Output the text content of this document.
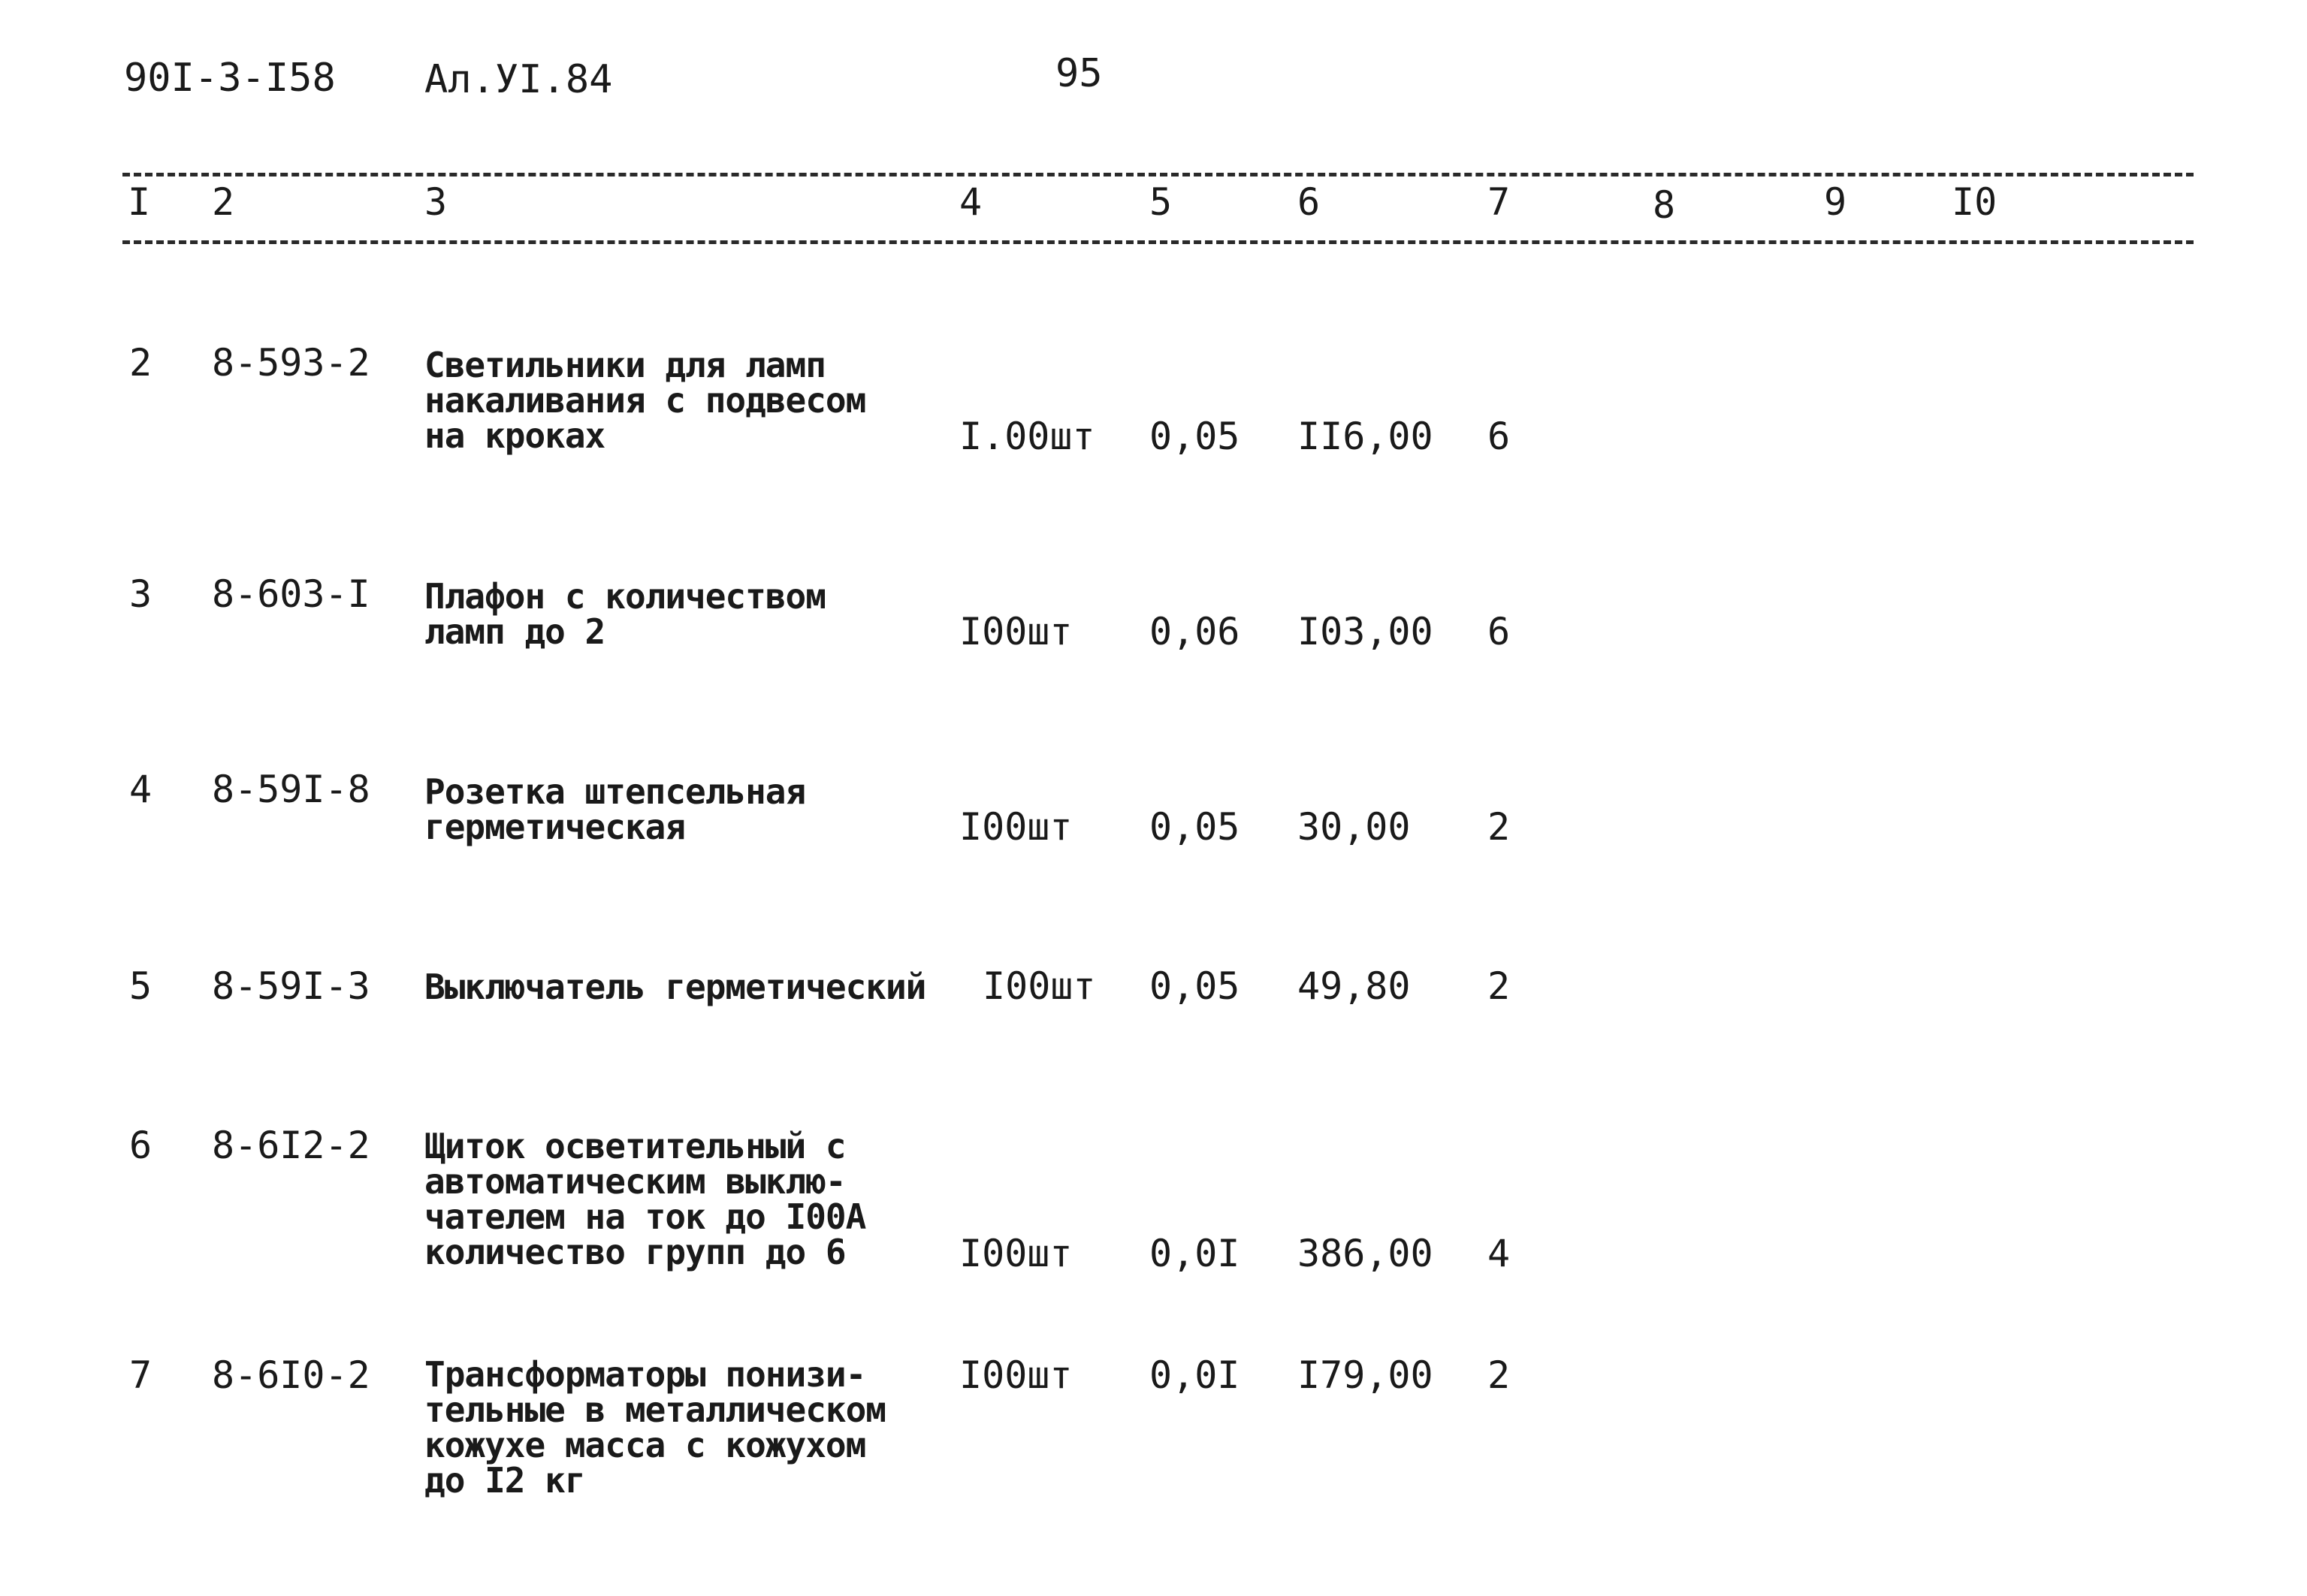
90I-3-I58 Ал.УI.84	95
I 2	3	4	5	6	7	8	9	I0
2 8-593-2 Светильники для ламп
накаливания с подвесом
на кроках	I.00шт 0,05 II6,00 6
3 8-603-I Плафон с количеством
ламп до 2	I00шт 0,06 I03,00 6
4 8-59I-8 Розетка штепсельная
герметическая	I00шт 0,05 30,00 2
5 8-59I-3 Выключатель герметический I00шт 0,05 49,80 2
6 8-6I2-2 Щиток осветительный с
автоматическим выклю-
чателем на ток до I00А
количество групп до 6	I00шт 0,0I 386,00 4
7 8-6I0-2 Трансформаторы понизи-
тельные в металлическом
кожухе масса с кожухом
до I2 кг
I00шт 0,0I I79,00 2
